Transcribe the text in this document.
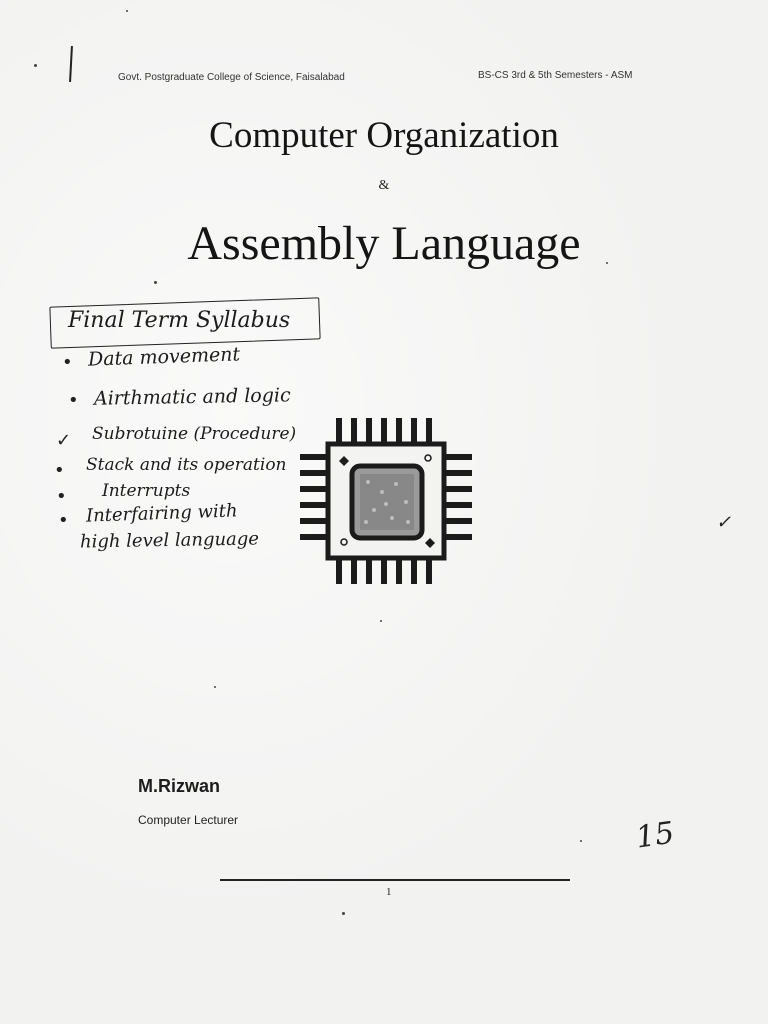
Govt. Postgraduate College of Science, Faisalabad	BS-CS 3rd & 5th Semesters - ASM
Computer Organization
&
Assembly Language
Final Term Syllabus
• Data movement
• Airthmatic and logic
✓ Subrotuine (Procedure)
• Stack and its operation
• Interrupts
• Interfairing with
high level language
✓
M.Rizwan
Computer Lecturer	15
1
